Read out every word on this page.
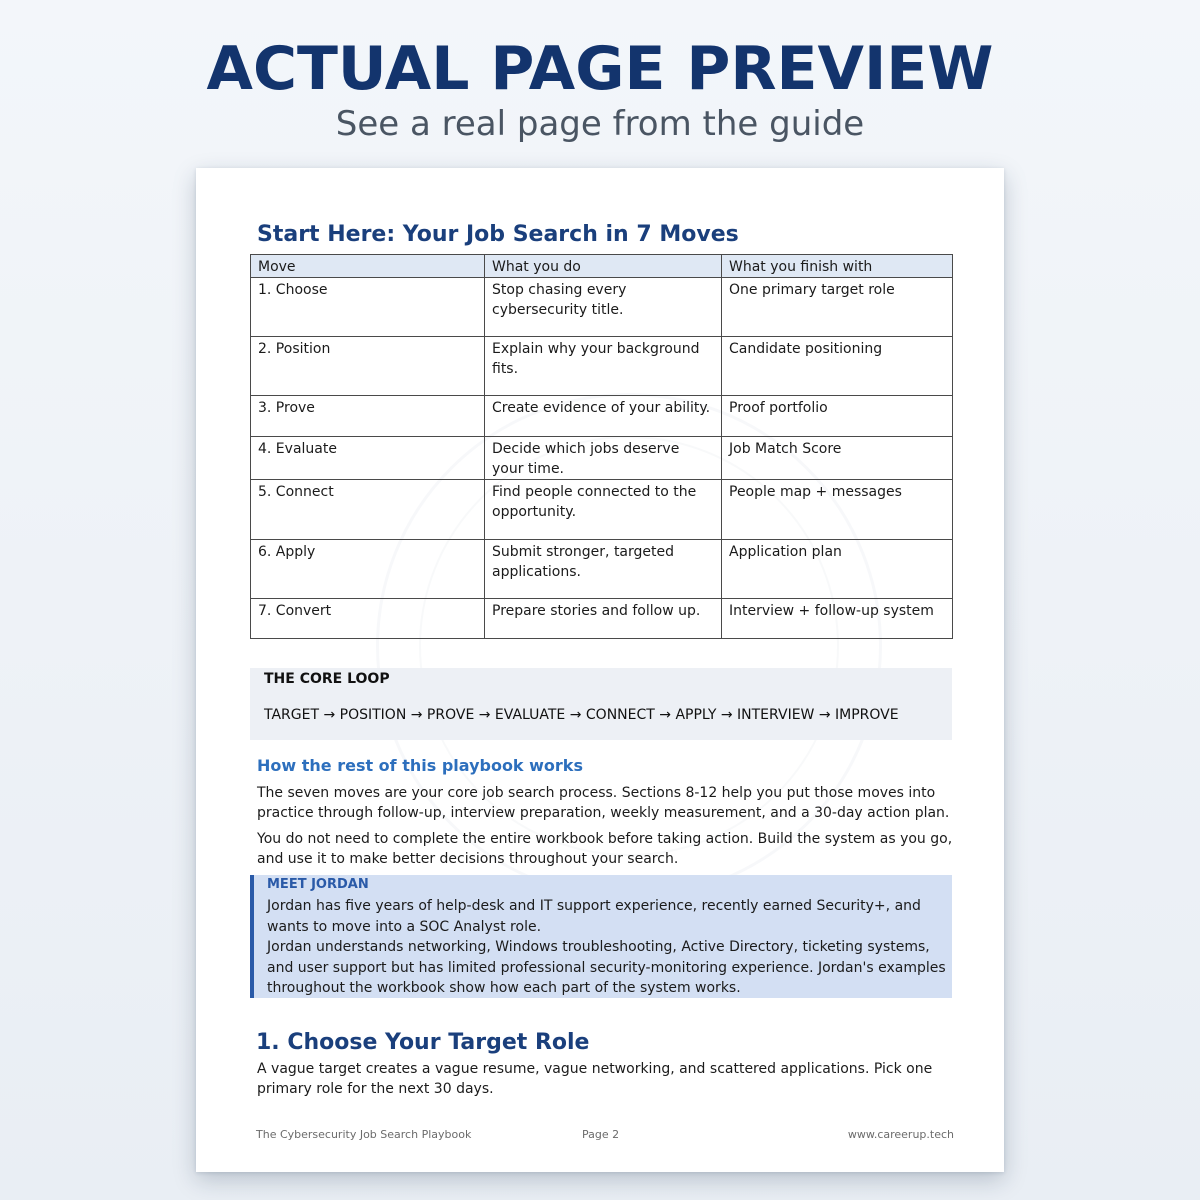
ACTUAL PAGE PREVIEW
See a real page from the guide
Start Here: Your Job Search in 7 Moves
Move	What you do	What you finish with
1. Choose	Stop chasing every cybersecurity title.	One primary target role
2. Position	Explain why your background fits.	Candidate positioning
3. Prove	Create evidence of your ability.	Proof portfolio
4. Evaluate	Decide which jobs deserve your time.	Job Match Score
5. Connect	Find people connected to the opportunity.	People map + messages
6. Apply	Submit stronger, targeted applications.	Application plan
7. Convert	Prepare stories and follow up.	Interview + follow-up system
THE CORE LOOP
TARGET → POSITION → PROVE → EVALUATE → CONNECT → APPLY → INTERVIEW → IMPROVE
How the rest of this playbook works

The seven moves are your core job search process. Sections 8-12 help you put those moves into practice through follow-up, interview preparation, weekly measurement, and a 30-day action plan.

You do not need to complete the entire workbook before taking action. Build the system as you go, and use it to make better decisions throughout your search.

MEET JORDAN

Jordan has five years of help-desk and IT support experience, recently earned Security+, and wants to move into a SOC Analyst role.
Jordan understands networking, Windows troubleshooting, Active Directory, ticketing systems, and user support but has limited professional security-monitoring experience. Jordan's examples throughout the workbook show how each part of the system works.

1. Choose Your Target Role

A vague target creates a vague resume, vague networking, and scattered applications. Pick one primary role for the next 30 days.

The Cybersecurity Job Search Playbook	Page 2	www.careerup.tech
